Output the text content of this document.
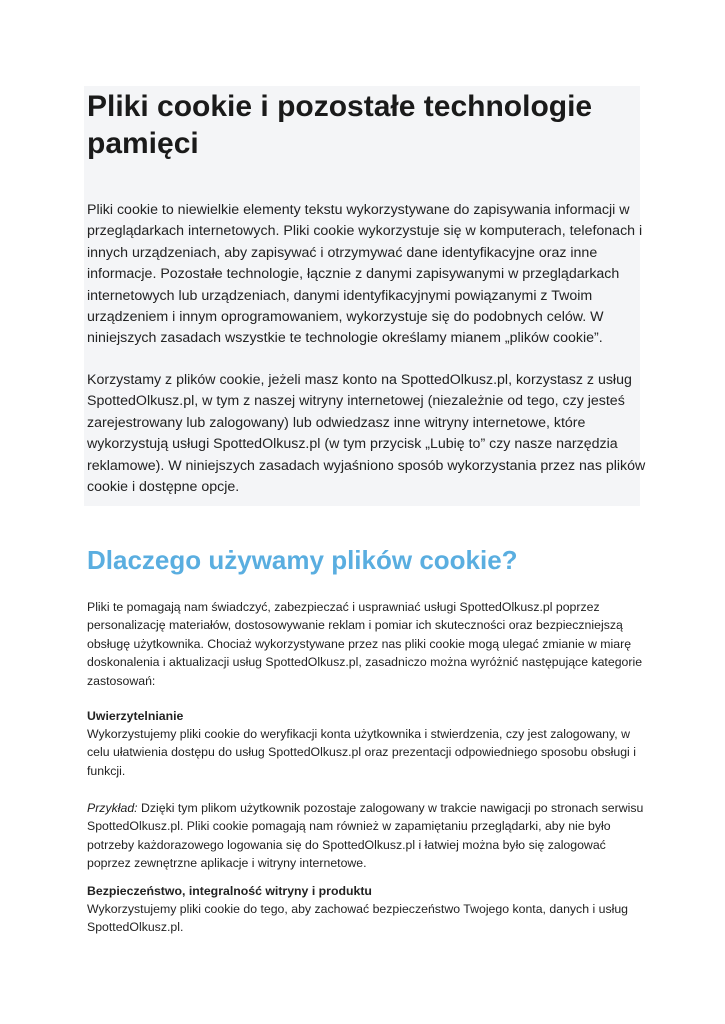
Pliki cookie i pozostałe technologie
pamięci

Pliki cookie to niewielkie elementy tekstu wykorzystywane do zapisywania informacji w
przeglądarkach internetowych. Pliki cookie wykorzystuje się w komputerach, telefonach i
innych urządzeniach, aby zapisywać i otrzymywać dane identyfikacyjne oraz inne
informacje. Pozostałe technologie, łącznie z danymi zapisywanymi w przeglądarkach
internetowych lub urządzeniach, danymi identyfikacyjnymi powiązanymi z Twoim
urządzeniem i innym oprogramowaniem, wykorzystuje się do podobnych celów. W
niniejszych zasadach wszystkie te technologie określamy mianem „plików cookie”.

Korzystamy z plików cookie, jeżeli masz konto na SpottedOlkusz.pl, korzystasz z usług
SpottedOlkusz.pl, w tym z naszej witryny internetowej (niezależnie od tego, czy jesteś
zarejestrowany lub zalogowany) lub odwiedzasz inne witryny internetowe, które
wykorzystują usługi SpottedOlkusz.pl (w tym przycisk „Lubię to” czy nasze narzędzia
reklamowe). W niniejszych zasadach wyjaśniono sposób wykorzystania przez nas plików
cookie i dostępne opcje.

Dlaczego używamy plików cookie?

Pliki te pomagają nam świadczyć, zabezpieczać i usprawniać usługi SpottedOlkusz.pl poprzez
personalizację materiałów, dostosowywanie reklam i pomiar ich skuteczności oraz bezpieczniejszą
obsługę użytkownika. Chociaż wykorzystywane przez nas pliki cookie mogą ulegać zmianie w miarę
doskonalenia i aktualizacji usług SpottedOlkusz.pl, zasadniczo można wyróżnić następujące kategorie
zastosowań:

Uwierzytelnianie

Wykorzystujemy pliki cookie do weryfikacji konta użytkownika i stwierdzenia, czy jest zalogowany, w
celu ułatwienia dostępu do usług SpottedOlkusz.pl oraz prezentacji odpowiedniego sposobu obsługi i
funkcji.

Przykład: Dzięki tym plikom użytkownik pozostaje zalogowany w trakcie nawigacji po stronach serwisu
SpottedOlkusz.pl. Pliki cookie pomagają nam również w zapamiętaniu przeglądarki, aby nie było
potrzeby każdorazowego logowania się do SpottedOlkusz.pl i łatwiej można było się zalogować
poprzez zewnętrzne aplikacje i witryny internetowe.

Bezpieczeństwo, integralność witryny i produktu

Wykorzystujemy pliki cookie do tego, aby zachować bezpieczeństwo Twojego konta, danych i usług
SpottedOlkusz.pl.
